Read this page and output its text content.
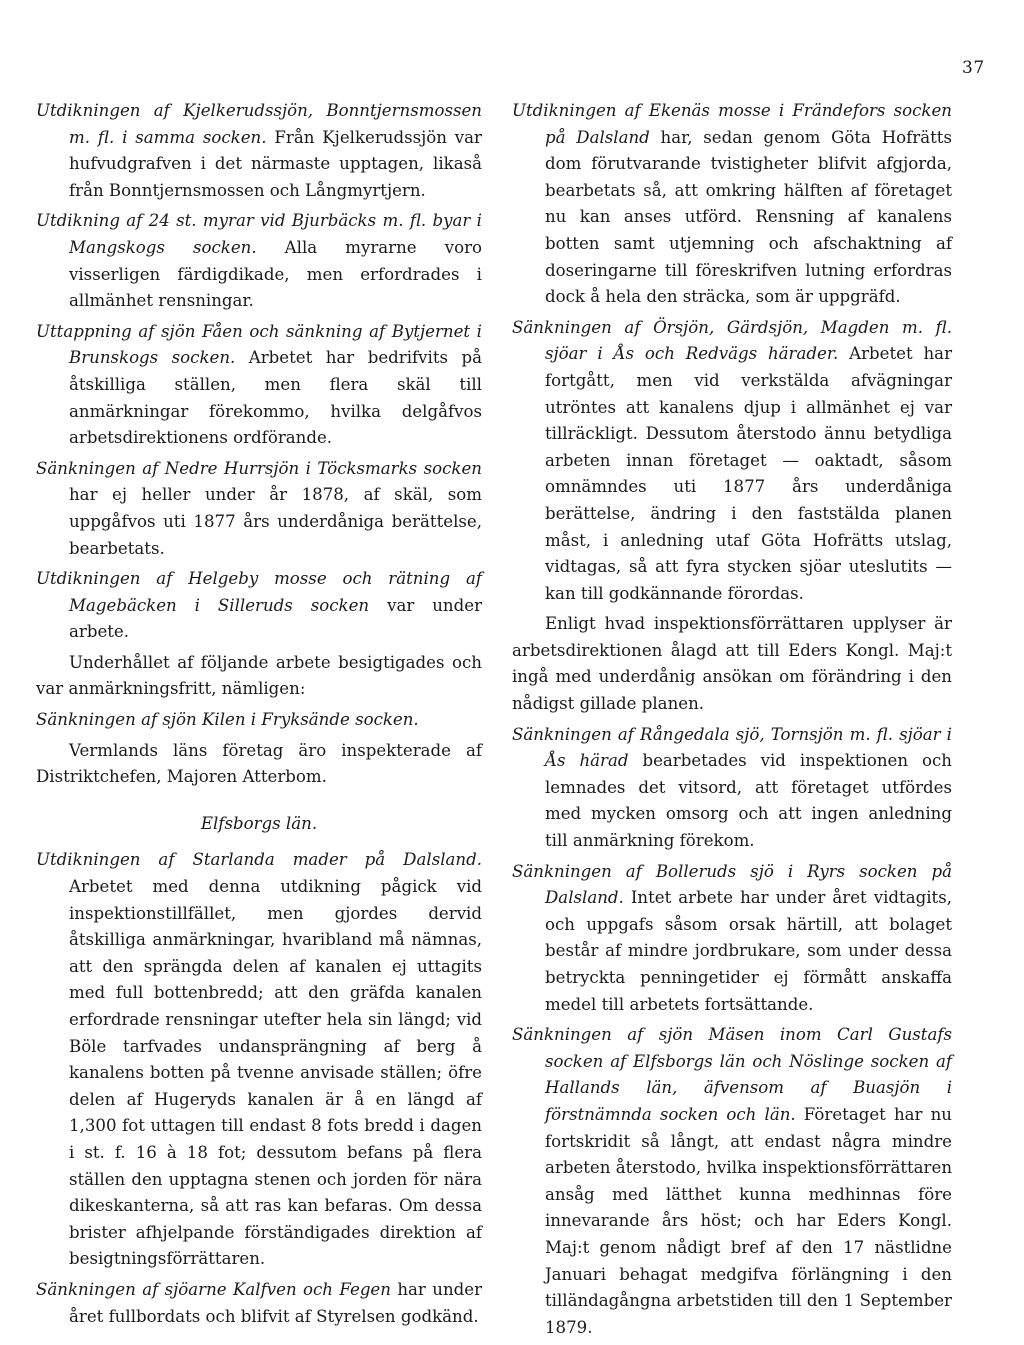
37

Utdikningen af Kjelkerudssjön, Bonntjernsmossen m. fl. i samma socken. Från Kjelkerudssjön var hufvudgrafven i det närmaste upptagen, likaså från Bonntjernsmossen och Långmyrtjern.

Utdikning af 24 st. myrar vid Bjurbäcks m. fl. byar i Mangskogs socken. Alla myrarne voro visserligen färdigdikade, men erfordrades i allmänhet rensningar.

Uttappning af sjön Fåen och sänkning af Bytjernet i Brunskogs socken. Arbetet har bedrifvits på åtskilliga ställen, men flera skäl till anmärkningar förekommo, hvilka delgåfvos arbetsdirektionens ordförande.

Sänkningen af Nedre Hurrsjön i Töcksmarks socken har ej heller under år 1878, af skäl, som uppgåfvos uti 1877 års underdåniga berättelse, bearbetats.

Utdikningen af Helgeby mosse och rätning af Magebäcken i Silleruds socken var under arbete.

Underhållet af följande arbete besigtigades och var anmärkningsfritt, nämligen:

Sänkningen af sjön Kilen i Fryksände socken.

Vermlands läns företag äro inspekterade af Distriktchefen, Majoren Atterbom.

Elfsborgs län.

Utdikningen af Starlanda mader på Dalsland. Arbetet med denna utdikning pågick vid inspektionstillfället, men gjordes dervid åtskilliga anmärkningar, hvaribland må nämnas, att den sprängda delen af kanalen ej uttagits med full bottenbredd; att den gräfda kanalen erfordrade rensningar utefter hela sin längd; vid Böle tarfvades undansprängning af berg å kanalens botten på tvenne anvisade ställen; öfre delen af Hugeryds kanalen är å en längd af 1,300 fot uttagen till endast 8 fots bredd i dagen i st. f. 16 à 18 fot; dessutom befans på flera ställen den upptagna stenen och jorden för nära dikeskanterna, så att ras kan befaras. Om dessa brister afhjelpande förständigades direktion af besigtningsförrättaren.

Sänkningen af sjöarne Kalfven och Fegen har under året fullbordats och blifvit af Styrelsen godkänd.

Utdikningen af Ekenäs mosse i Frändefors socken på Dalsland har, sedan genom Göta Hofrätts dom förutvarande tvistigheter blifvit afgjorda, bearbetats så, att omkring hälften af företaget nu kan anses utförd. Rensning af kanalens botten samt utjemning och afschaktning af doseringarne till föreskrifven lutning erfordras dock å hela den sträcka, som är uppgräfd.

Sänkningen af Örsjön, Gärdsjön, Magden m. fl. sjöar i Ås och Redvägs härader. Arbetet har fortgått, men vid verkstälda afvägningar utröntes att kanalens djup i allmänhet ej var tillräckligt. Dessutom återstodo ännu betydliga arbeten innan företaget — oaktadt, såsom omnämndes uti 1877 års underdåniga berättelse, ändring i den faststälda planen måst, i anledning utaf Göta Hofrätts utslag, vidtagas, så att fyra stycken sjöar uteslutits — kan till godkännande förordas.

Enligt hvad inspektionsförrättaren upplyser är arbetsdirektionen ålagd att till Eders Kongl. Maj:t ingå med underdånig ansökan om förändring i den nådigst gillade planen.

Sänkningen af Rångedala sjö, Tornsjön m. fl. sjöar i Ås härad bearbetades vid inspektionen och lemnades det vitsord, att företaget utfördes med mycken omsorg och att ingen anledning till anmärkning förekom.

Sänkningen af Bolleruds sjö i Ryrs socken på Dalsland. Intet arbete har under året vidtagits, och uppgafs såsom orsak härtill, att bolaget består af mindre jordbrukare, som under dessa betryckta penningetider ej förmått anskaffa medel till arbetets fortsättande.

Sänkningen af sjön Mäsen inom Carl Gustafs socken af Elfsborgs län och Nöslinge socken af Hallands län, äfvensom af Buasjön i förstnämnda socken och län. Företaget har nu fortskridit så långt, att endast några mindre arbeten återstodo, hvilka inspektionsförrättaren ansåg med lätthet kunna medhinnas före innevarande års höst; och har Eders Kongl. Maj:t genom nådigt bref af den 17 nästlidne Januari behagat medgifva förlängning i den tilländagångna arbetstiden till den 1 September 1879.
